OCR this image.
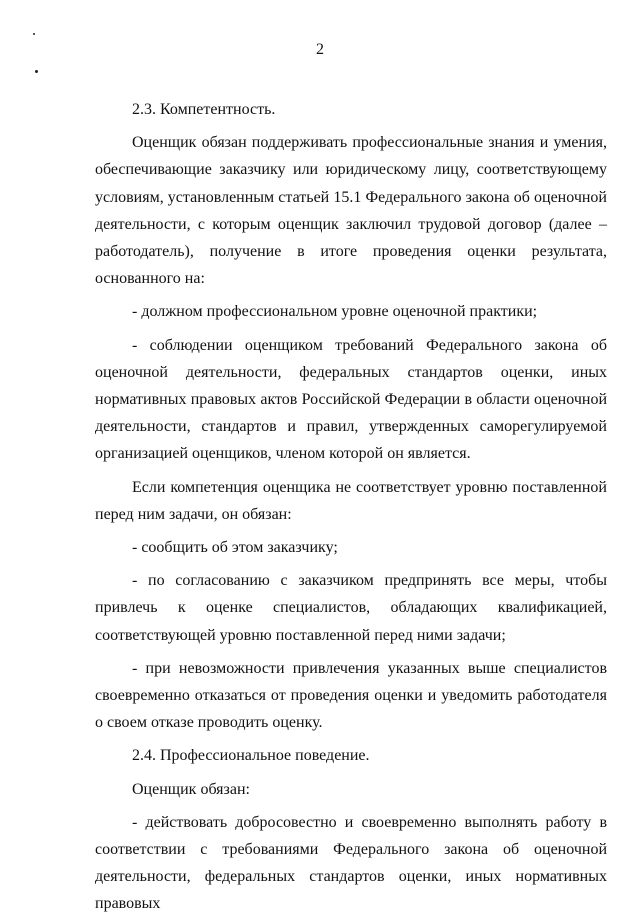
2

2.3. Компетентность.

Оценщик обязан поддерживать профессиональные знания и умения, обеспечивающие заказчику или юридическому лицу, соответствующему условиям, установленным статьей 15.1 Федерального закона об оценочной деятельности, с которым оценщик заключил трудовой договор (далее – работодатель), получение в итоге проведения оценки результата, основанного на:

- должном профессиональном уровне оценочной практики;

- соблюдении оценщиком требований Федерального закона об оценочной деятельности, федеральных стандартов оценки, иных нормативных правовых актов Российской Федерации в области оценочной деятельности, стандартов и правил, утвержденных саморегулируемой организацией оценщиков, членом которой он является.

Если компетенция оценщика не соответствует уровню поставленной перед ним задачи, он обязан:

- сообщить об этом заказчику;

- по согласованию с заказчиком предпринять все меры, чтобы привлечь к оценке специалистов, обладающих квалификацией, соответствующей уровню поставленной перед ними задачи;

- при невозможности привлечения указанных выше специалистов своевременно отказаться от проведения оценки и уведомить работодателя о своем отказе проводить оценку.

2.4. Профессиональное поведение.

Оценщик обязан:

- действовать добросовестно и своевременно выполнять работу в соответствии с требованиями Федерального закона об оценочной деятельности, федеральных стандартов оценки, иных нормативных правовых
